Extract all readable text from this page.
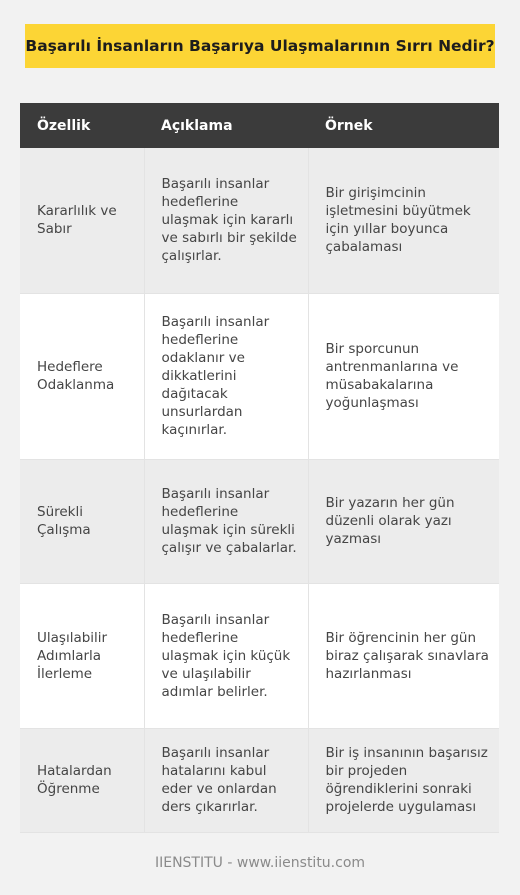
Başarılı İnsanların Başarıya Ulaşmalarının Sırrı Nedir?
Özellik	Açıklama	Örnek
Kararlılık ve Sabır	Başarılı insanlar hedeflerine ulaşmak için kararlı ve sabırlı bir şekilde çalışırlar.	Bir girişimcinin işletmesini büyütmek için yıllar boyunca çabalaması
Hedeflere Odaklanma	Başarılı insanlar hedeflerine odaklanır ve dikkatlerini dağıtacak unsurlardan kaçınırlar.	Bir sporcunun antrenmanlarına ve müsabakalarına yoğunlaşması
Sürekli Çalışma	Başarılı insanlar hedeflerine ulaşmak için sürekli çalışır ve çabalarlar.	Bir yazarın her gün düzenli olarak yazı yazması
Ulaşılabilir Adımlarla İlerleme	Başarılı insanlar hedeflerine ulaşmak için küçük ve ulaşılabilir adımlar belirler.	Bir öğrencinin her gün biraz çalışarak sınavlara hazırlanması
Hatalardan Öğrenme	Başarılı insanlar hatalarını kabul eder ve onlardan ders çıkarırlar.	Bir iş insanının başarısız bir projeden öğrendiklerini sonraki projelerde uygulaması
IIENSTITU - www.iienstitu.com
